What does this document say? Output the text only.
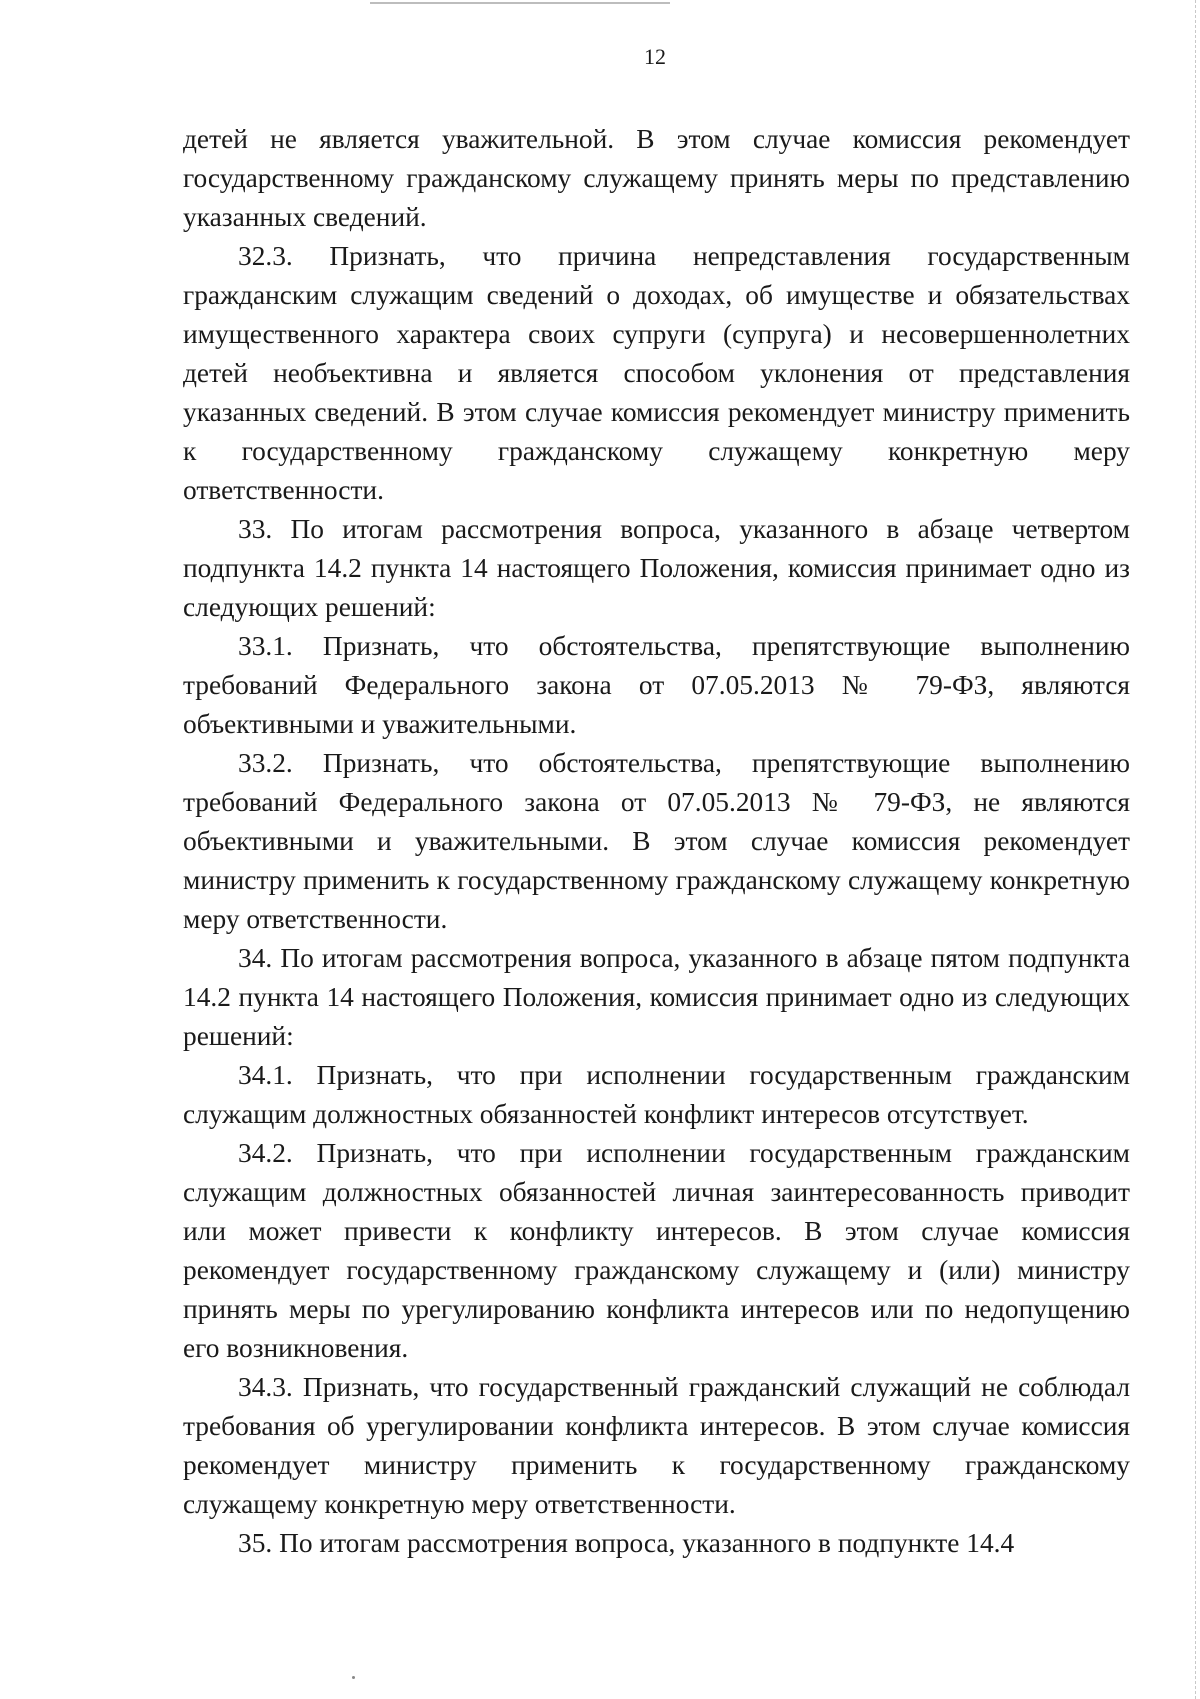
12

детей не является уважительной. В этом случае комиссия рекомендует государственному гражданскому служащему принять меры по представлению указанных сведений.

32.3. Признать, что причина непредставления государственным гражданским служащим сведений о доходах, об имуществе и обязательствах имущественного характера своих супруги (супруга) и несовершеннолетних детей необъективна и является способом уклонения от представления указанных сведений. В этом случае комиссия рекомендует министру применить к государственному гражданскому служащему конкретную меру ответственности.

33. По итогам рассмотрения вопроса, указанного в абзаце четвертом подпункта 14.2 пункта 14 настоящего Положения, комиссия принимает одно из следующих решений:

33.1. Признать, что обстоятельства, препятствующие выполнению требований Федерального закона от 07.05.2013 № 79-ФЗ, являются объективными и уважительными.

33.2. Признать, что обстоятельства, препятствующие выполнению требований Федерального закона от 07.05.2013 № 79-ФЗ, не являются объективными и уважительными. В этом случае комиссия рекомендует министру применить к государственному гражданскому служащему конкретную меру ответственности.

34. По итогам рассмотрения вопроса, указанного в абзаце пятом подпункта 14.2 пункта 14 настоящего Положения, комиссия принимает одно из следующих решений:

34.1. Признать, что при исполнении государственным гражданским служащим должностных обязанностей конфликт интересов отсутствует.

34.2. Признать, что при исполнении государственным гражданским служащим должностных обязанностей личная заинтересованность приводит или может привести к конфликту интересов. В этом случае комиссия рекомендует государственному гражданскому служащему и (или) министру принять меры по урегулированию конфликта интересов или по недопущению его возникновения.

34.3. Признать, что государственный гражданский служащий не соблюдал требования об урегулировании конфликта интересов. В этом случае комиссия рекомендует министру применить к государственному гражданскому служащему конкретную меру ответственности.

35. По итогам рассмотрения вопроса, указанного в подпункте 14.4
